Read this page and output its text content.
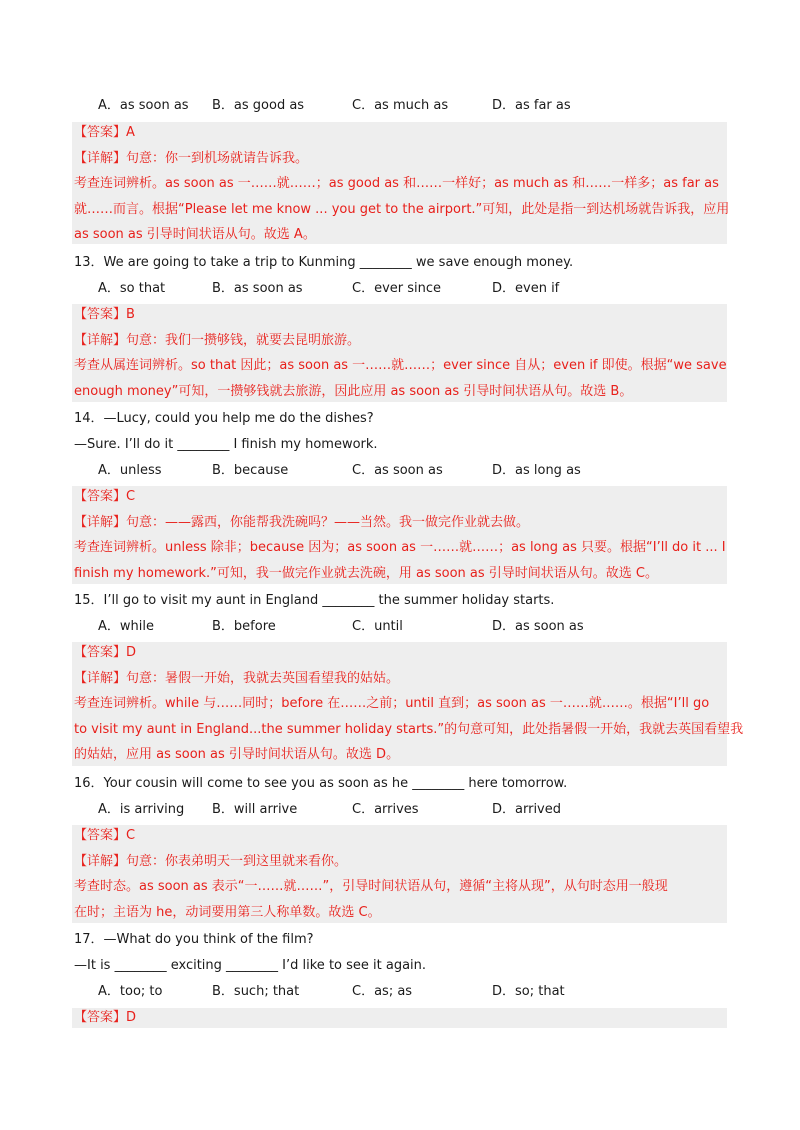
A．as soon as B．as good as	C．as much as	D．as far as
【答案】A
【详解】句意：你一到机场就请告诉我。
考查连词辨析。as soon as 一……就……；as good as 和……一样好；as much as 和……一样多；as far as
就……而言。根据“Please let me know ... you get to the airport.”可知，此处是指一到达机场就告诉我，应用
as soon as 引导时间状语从句。故选 A。
13．We are going to take a trip to Kunming ________ we save enough money.
A．so that	B．as soon as	C．ever since	D．even if
【答案】B
【详解】句意：我们一攒够钱，就要去昆明旅游。
考查从属连词辨析。so that 因此；as soon as 一……就……；ever since 自从；even if 即使。根据“we save
enough money”可知，一攒够钱就去旅游，因此应用 as soon as 引导时间状语从句。故选 B。
14．—Lucy, could you help me do the dishes?
—Sure. I’ll do it ________ I finish my homework.
A．unless	B．because	C．as soon as	D．as long as
【答案】C
【详解】句意：——露西，你能帮我洗碗吗？——当然。我一做完作业就去做。
考查连词辨析。unless 除非；because 因为；as soon as 一……就……；as long as 只要。根据“I’ll do it ... I
finish my homework.”可知，我一做完作业就去洗碗，用 as soon as 引导时间状语从句。故选 C。
15．I’ll go to visit my aunt in England ________ the summer holiday starts.
A．while	B．before	C．until	D．as soon as
【答案】D
【详解】句意：暑假一开始，我就去英国看望我的姑姑。
考查连词辨析。while 与……同时；before 在……之前；until 直到；as soon as 一……就……。根据“I’ll go
to visit my aunt in England...the summer holiday starts.”的句意可知，此处指暑假一开始，我就去英国看望我
的姑姑，应用 as soon as 引导时间状语从句。故选 D。
16．Your cousin will come to see you as soon as he ________ here tomorrow.
A．is arriving B．will arrive	C．arrives	D．arrived
【答案】C
【详解】句意：你表弟明天一到这里就来看你。
考查时态。as soon as 表示“一……就……”，引导时间状语从句，遵循“主将从现”，从句时态用一般现
在时；主语为 he，动词要用第三人称单数。故选 C。
17．—What do you think of the film?
—It is ________ exciting ________ I’d like to see it again.
A．too; to	B．such; that	C．as; as	D．so; that
【答案】D
